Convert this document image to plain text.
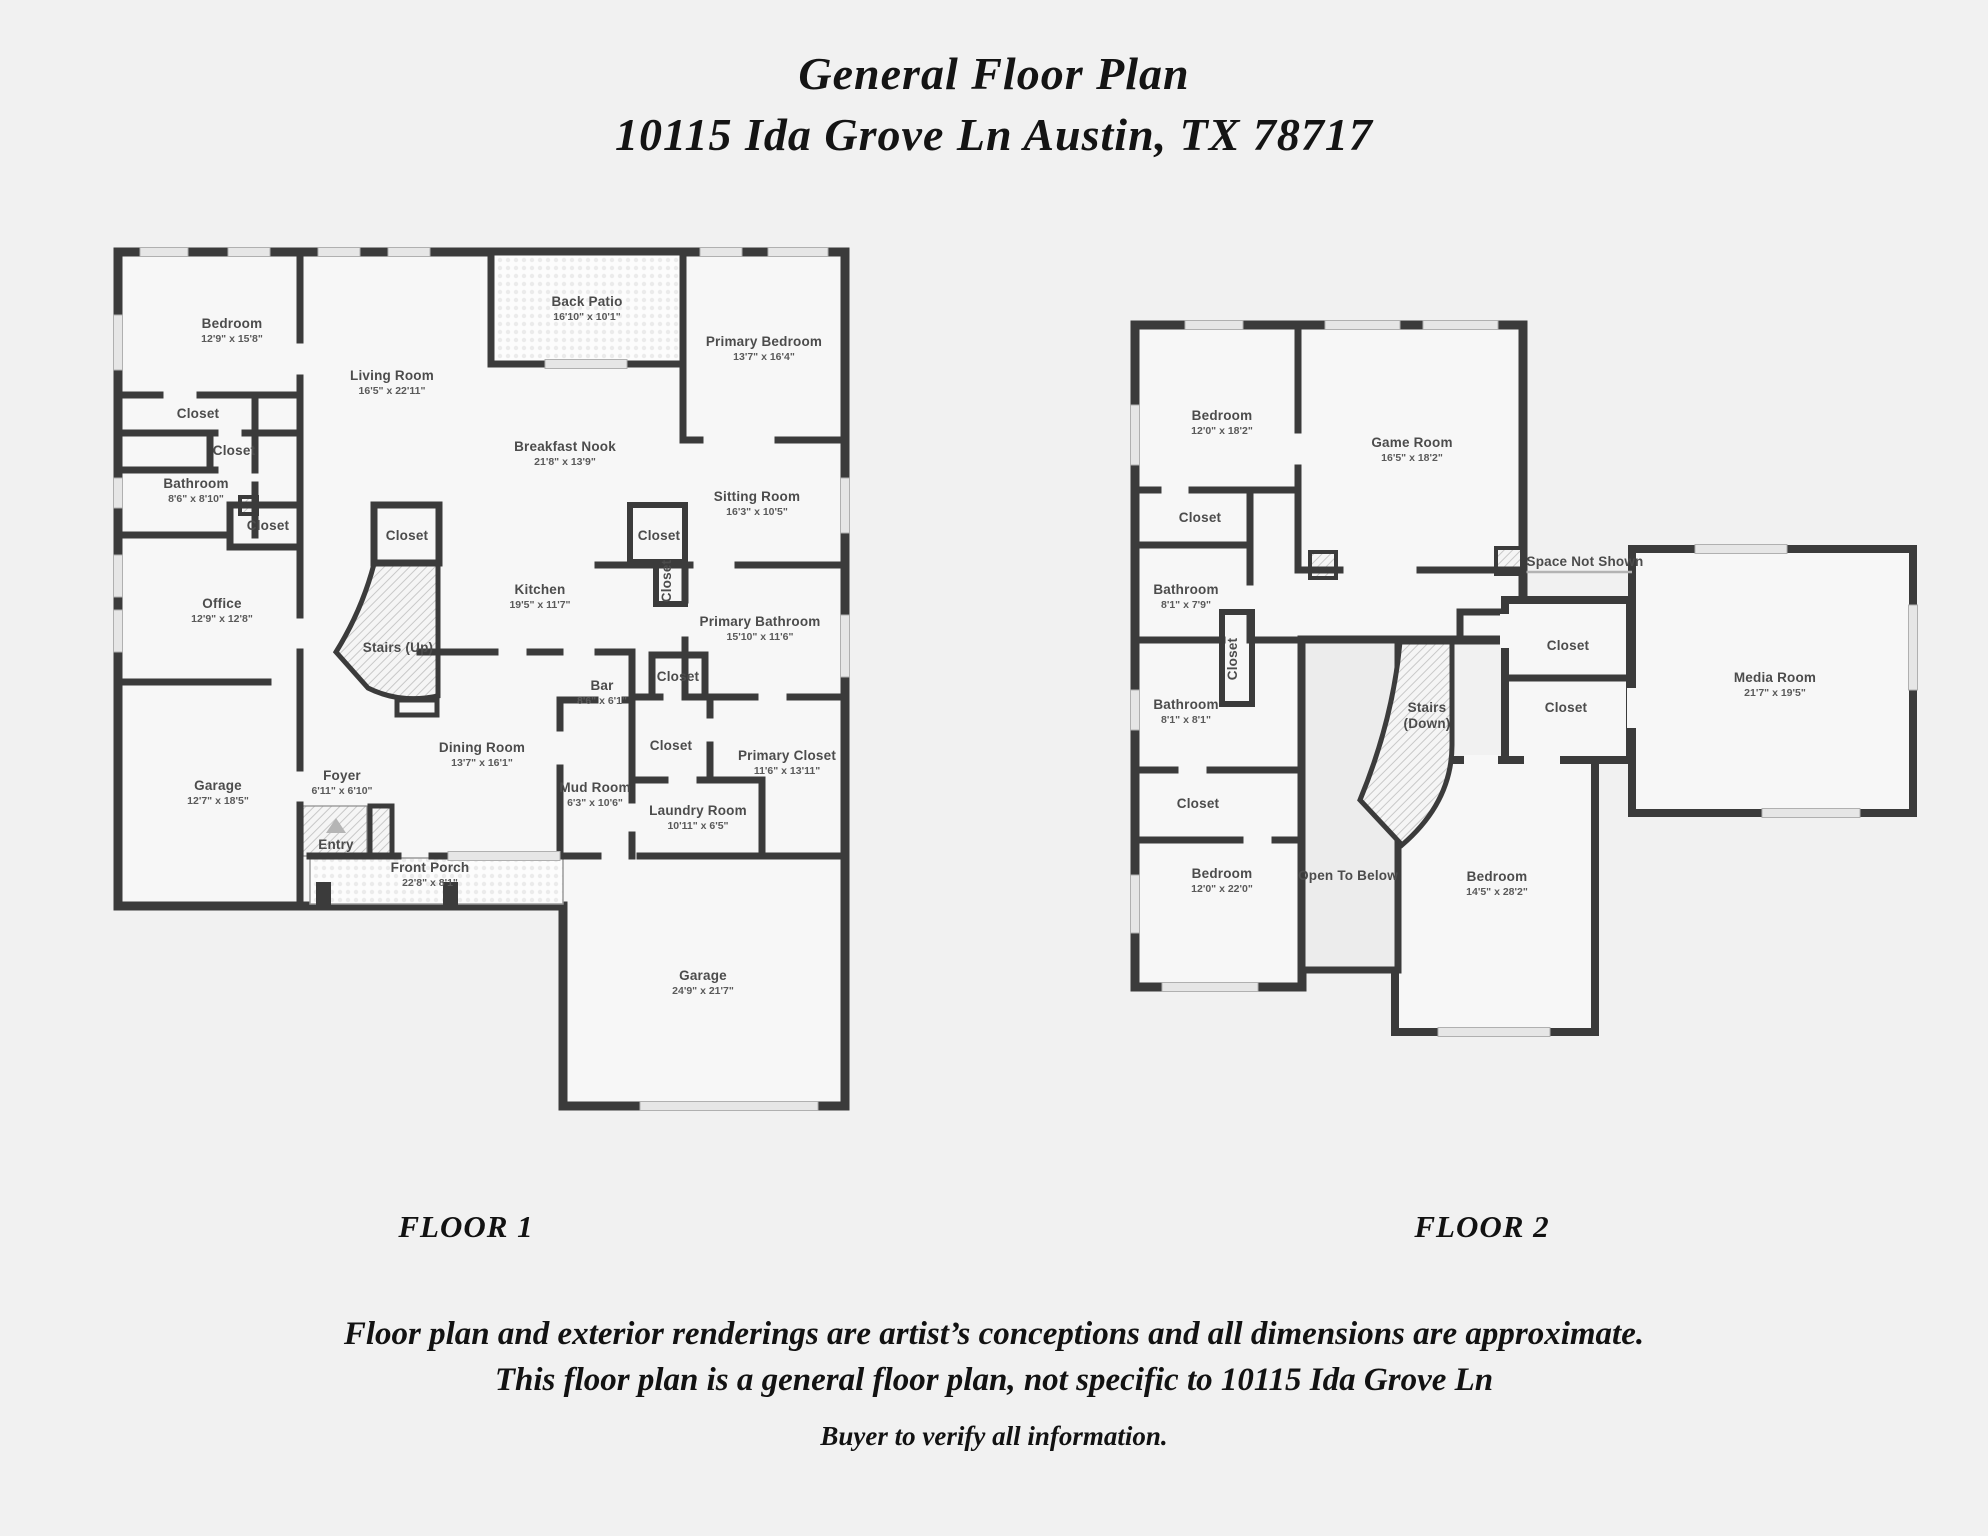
General Floor Plan
10115 Ida Grove Ln Austin, TX 78717
Bedroom
12'9" x 15'8"
Living Room
16'5" x 22'11"
Back Patio
16'10" x 10'1"
Primary Bedroom
13'7" x 16'4"
Breakfast Nook
21'8" x 13'9"
Sitting Room
16'3" x 10'5"
Closet
Closet
Bathroom
8'6" x 8'10"
Closet
Closet
Stairs (Up)
Office
12'9" x 12'8"
Kitchen
19'5" x 11'7"
Closet
Closet
Primary Bathroom
15'10" x 11'6"
Bar
8'6" x 6'1"
Closet
Closet
Primary Closet
11'6" x 13'11"
Dining Room
13'7" x 16'1"
Mud Room
6'3" x 10'6" Laundry Room
10'11" x 6'5"
Foyer
6'11" x 6'10"
Garage
12'7" x 18'5"
Entry
Front Porch
22'8" x 8'1"
Garage
24'9" x 21'7"
Bedroom
12'0" x 18'2"
Game Room
16'5" x 18'2"
Closet
Bathroom
8'1" x 7'9"
Closet
Bathroom
8'1" x 8'1"
Closet
Space Not Shown
Closet
Closet
Media Room
21'7" x 19'5"
Stairs
(Down)
Open To Below
Bedroom
12'0" x 22'0"
Bedroom
14'5" x 28'2"
FLOOR 1	FLOOR 2
Floor plan and exterior renderings are artist’s conceptions and all dimensions are approximate.
This floor plan is a general floor plan, not specific to 10115 Ida Grove Ln
Buyer to verify all information.
